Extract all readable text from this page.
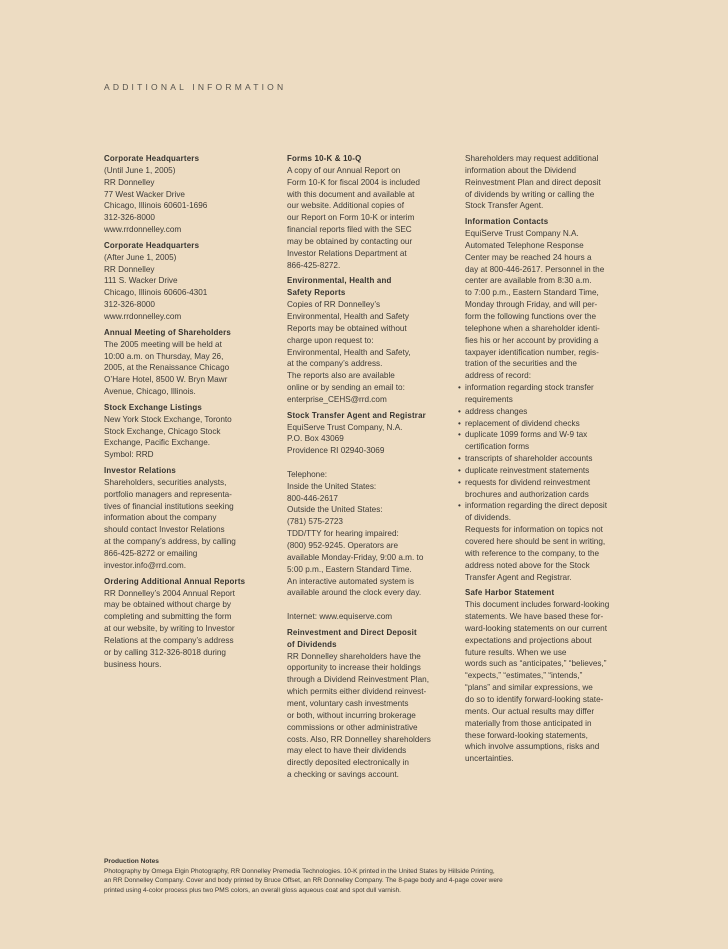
ADDITIONAL INFORMATION
Corporate Headquarters
(Until June 1, 2005)
RR Donnelley
77 West Wacker Drive
Chicago, Illinois 60601-1696
312-326-8000
www.rrdonnelley.com
Corporate Headquarters
(After June 1, 2005)
RR Donnelley
111 S. Wacker Drive
Chicago, Illinois 60606-4301
312-326-8000
www.rrdonnelley.com
Annual Meeting of Shareholders
The 2005 meeting will be held at
10:00 a.m. on Thursday, May 26,
2005, at the Renaissance Chicago
O’Hare Hotel, 8500 W. Bryn Mawr
Avenue, Chicago, Illinois.
Stock Exchange Listings
New York Stock Exchange, Toronto
Stock Exchange, Chicago Stock
Exchange, Pacific Exchange.
Symbol: RRD
Investor Relations
Shareholders, securities analysts,
portfolio managers and representa-
tives of financial institutions seeking
information about the company
should contact Investor Relations
at the company’s address, by calling
866-425-8272 or emailing
investor.info@rrd.com.
Ordering Additional Annual Reports
RR Donnelley’s 2004 Annual Report
may be obtained without charge by
completing and submitting the form
at our website, by writing to Investor
Relations at the company’s address
or by calling 312-326-8018 during
business hours.
Forms 10-K & 10-Q
A copy of our Annual Report on
Form 10-K for fiscal 2004 is included
with this document and available at
our website. Additional copies of
our Report on Form 10-K or interim
financial reports filed with the SEC
may be obtained by contacting our
Investor Relations Department at
866-425-8272.
Environmental, Health and
Safety Reports
Copies of RR Donnelley’s
Environmental, Health and Safety
Reports may be obtained without
charge upon request to:
Environmental, Health and Safety,
at the company’s address.
The reports also are available
online or by sending an email to:
enterprise_CEHS@rrd.com
Stock Transfer Agent and Registrar
EquiServe Trust Company, N.A.
P.O. Box 43069
Providence RI 02940-3069

Telephone:
Inside the United States:
800-446-2617
Outside the United States:
(781) 575-2723
TDD/TTY for hearing impaired:
(800) 952-9245. Operators are
available Monday-Friday, 9:00 a.m. to
5:00 p.m., Eastern Standard Time.
An interactive automated system is
available around the clock every day.

Internet: www.equiserve.com
Reinvestment and Direct Deposit
of Dividends
RR Donnelley shareholders have the
opportunity to increase their holdings
through a Dividend Reinvestment Plan,
which permits either dividend reinvest-
ment, voluntary cash investments
or both, without incurring brokerage
commissions or other administrative
costs. Also, RR Donnelley shareholders
may elect to have their dividends
directly deposited electronically in
a checking or savings account.
Shareholders may request additional
information about the Dividend
Reinvestment Plan and direct deposit
of dividends by writing or calling the
Stock Transfer Agent.
Information Contacts
EquiServe Trust Company N.A.
Automated Telephone Response
Center may be reached 24 hours a
day at 800-446-2617. Personnel in the
center are available from 8:30 a.m.
to 7:00 p.m., Eastern Standard Time,
Monday through Friday, and will per-
form the following functions over the
telephone when a shareholder identi-
fies his or her account by providing a
taxpayer identification number, regis-
tration of the securities and the
address of record:
• information regarding stock transfer
requirements
• address changes
• replacement of dividend checks
• duplicate 1099 forms and W-9 tax
certification forms
• transcripts of shareholder accounts
• duplicate reinvestment statements
• requests for dividend reinvestment
brochures and authorization cards
• information regarding the direct deposit
of dividends.
Requests for information on topics not
covered here should be sent in writing,
with reference to the company, to the
address noted above for the Stock
Transfer Agent and Registrar.
Safe Harbor Statement
This document includes forward-looking
statements. We have based these for-
ward-looking statements on our current
expectations and projections about
future results. When we use
words such as “anticipates,” “believes,”
“expects,” “estimates,” “intends,”
“plans” and similar expressions, we
do so to identify forward-looking state-
ments. Our actual results may differ
materially from those anticipated in
these forward-looking statements,
which involve assumptions, risks and
uncertainties.
Production Notes
Photography by Omega Elgin Photography, RR Donnelley Premedia Technologies. 10-K printed in the United States by Hillside Printing,
an RR Donnelley Company. Cover and body printed by Bruce Offset, an RR Donnelley Company. The 8-page body and 4-page cover were
printed using 4-color process plus two PMS colors, an overall gloss aqueous coat and spot dull varnish.
